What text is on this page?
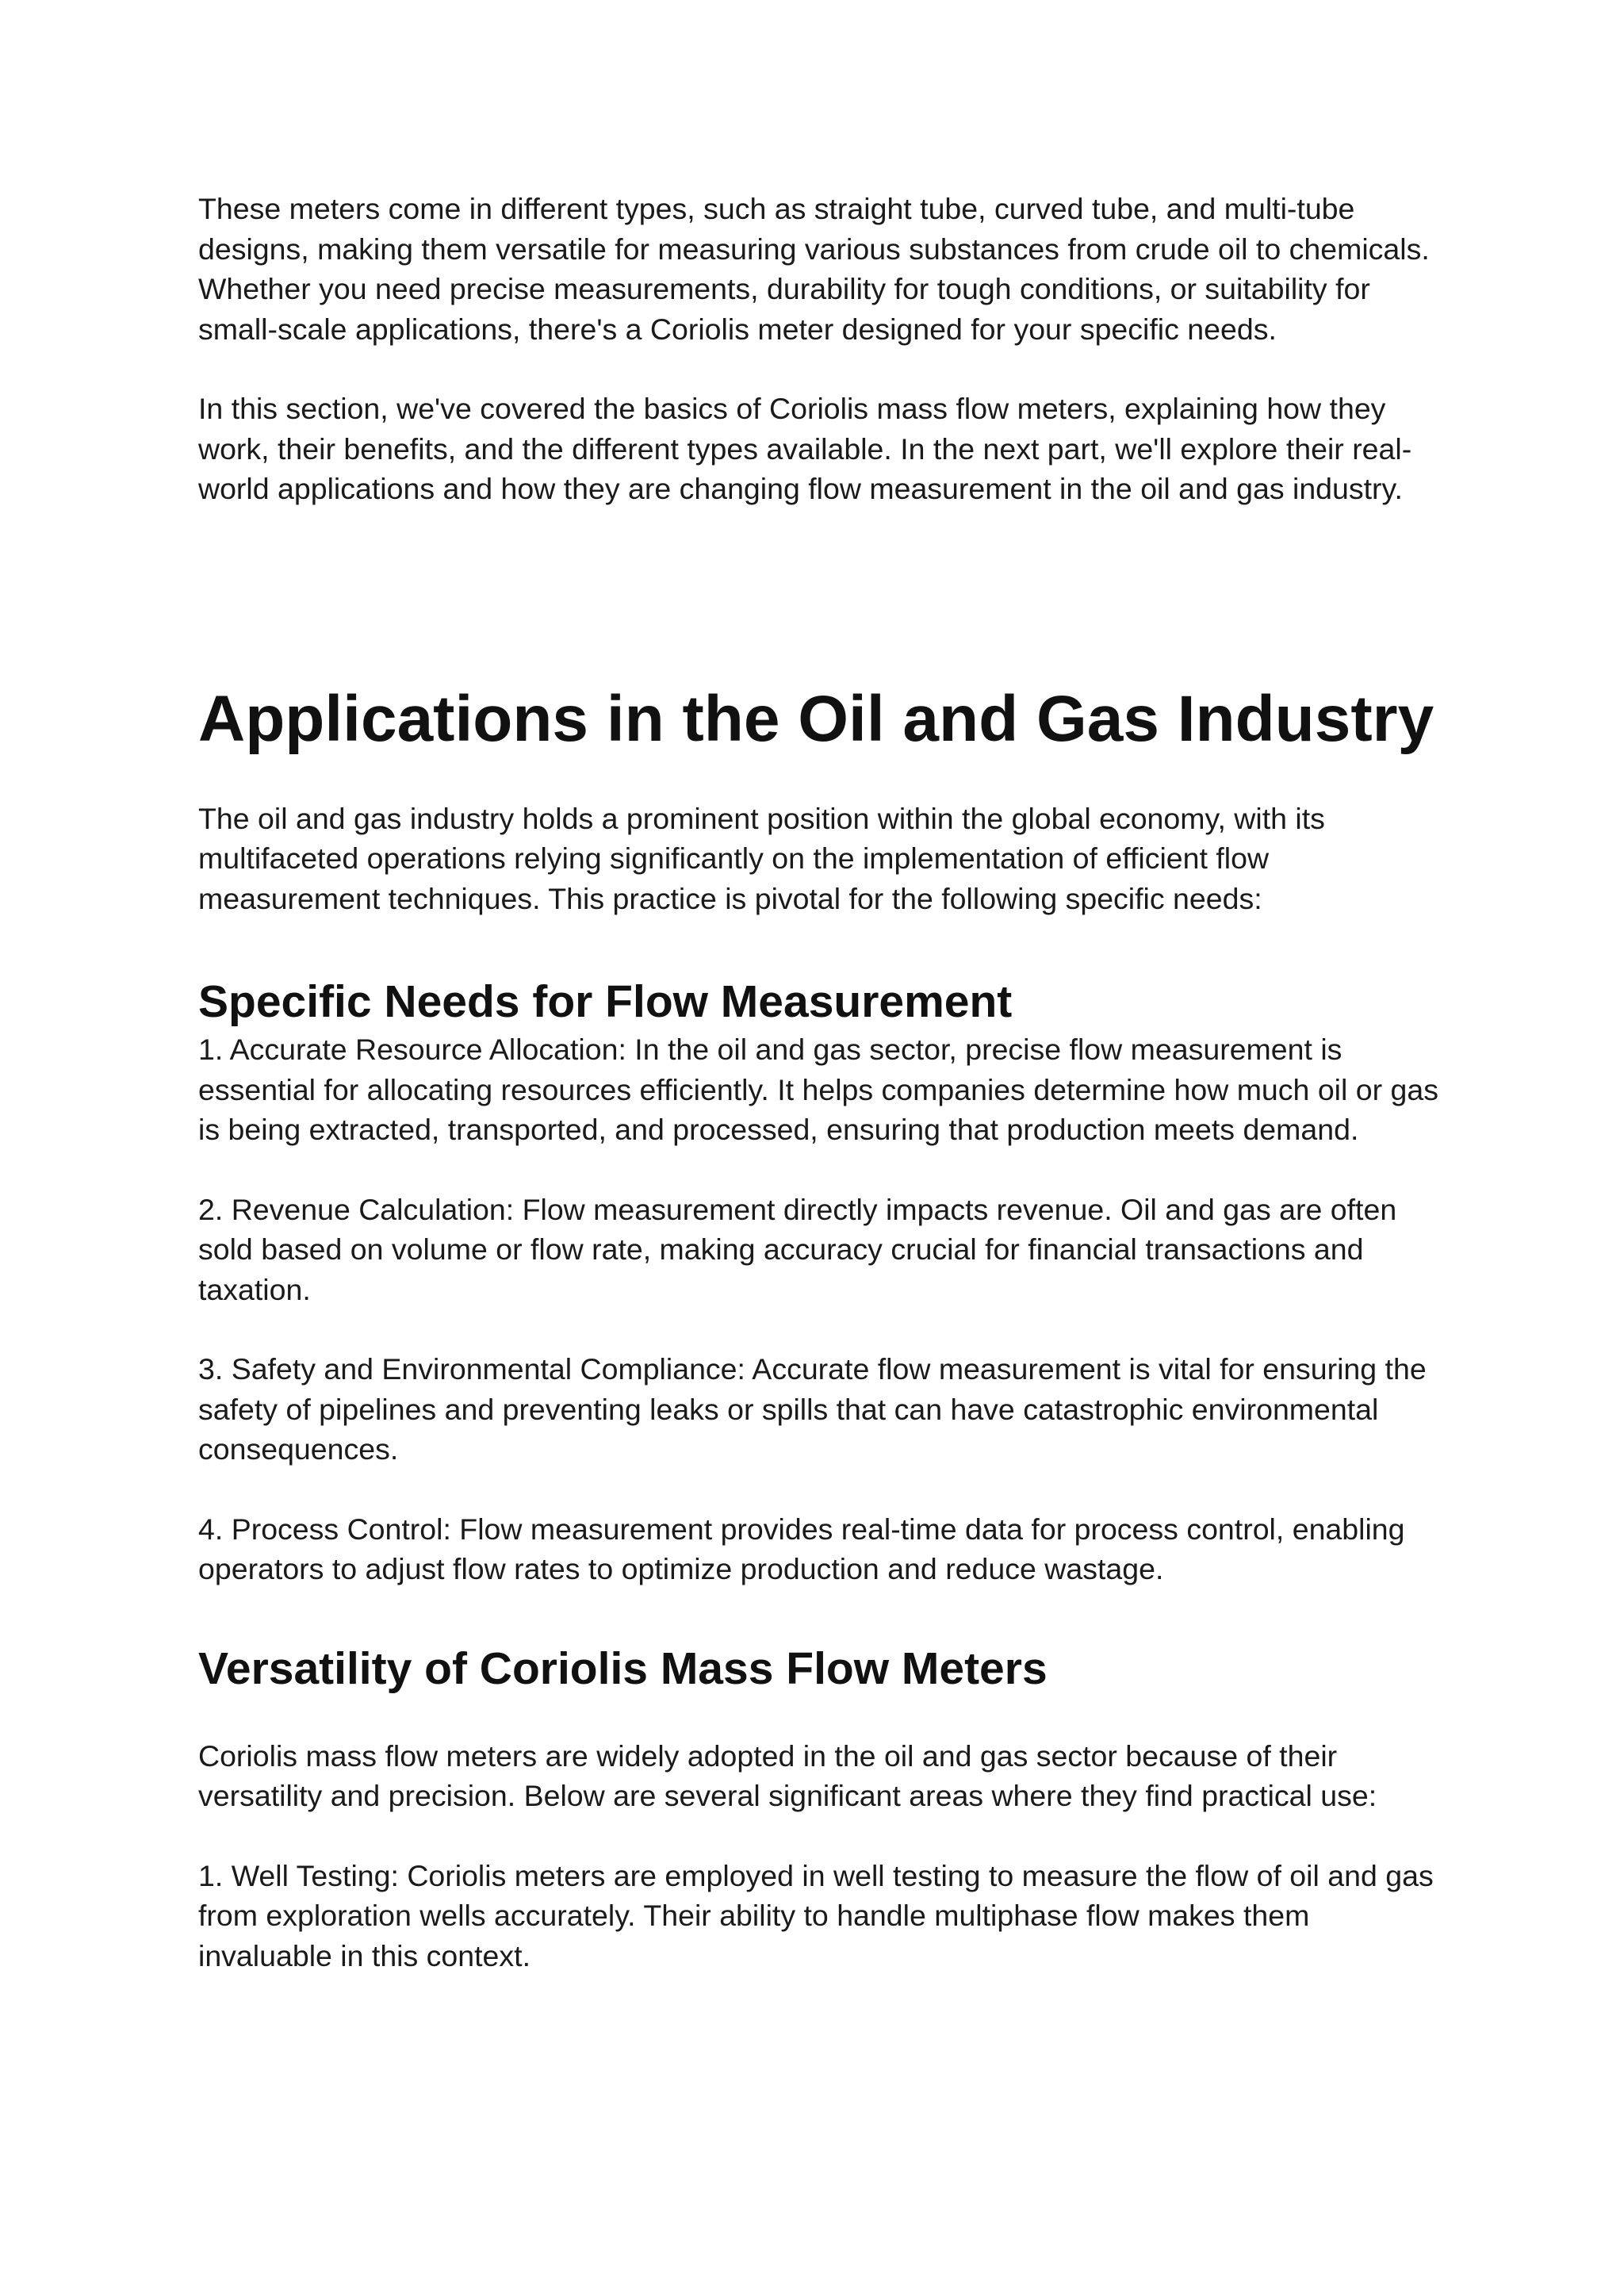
These meters come in different types, such as straight tube, curved tube, and multi-tube designs, making them versatile for measuring various substances from crude oil to chemicals. Whether you need precise measurements, durability for tough conditions, or suitability for small-scale applications, there's a Coriolis meter designed for your specific needs.

In this section, we've covered the basics of Coriolis mass flow meters, explaining how they work, their benefits, and the different types available. In the next part, we'll explore their real-world applications and how they are changing flow measurement in the oil and gas industry.

Applications in the Oil and Gas Industry

The oil and gas industry holds a prominent position within the global economy, with its multifaceted operations relying significantly on the implementation of efficient flow measurement techniques. This practice is pivotal for the following specific needs:

Specific Needs for Flow Measurement

1. Accurate Resource Allocation: In the oil and gas sector, precise flow measurement is essential for allocating resources efficiently. It helps companies determine how much oil or gas is being extracted, transported, and processed, ensuring that production meets demand.

2. Revenue Calculation: Flow measurement directly impacts revenue. Oil and gas are often sold based on volume or flow rate, making accuracy crucial for financial transactions and taxation.

3. Safety and Environmental Compliance: Accurate flow measurement is vital for ensuring the safety of pipelines and preventing leaks or spills that can have catastrophic environmental consequences.

4. Process Control: Flow measurement provides real-time data for process control, enabling operators to adjust flow rates to optimize production and reduce wastage.

Versatility of Coriolis Mass Flow Meters

Coriolis mass flow meters are widely adopted in the oil and gas sector because of their versatility and precision. Below are several significant areas where they find practical use:

1. Well Testing: Coriolis meters are employed in well testing to measure the flow of oil and gas from exploration wells accurately. Their ability to handle multiphase flow makes them invaluable in this context.
